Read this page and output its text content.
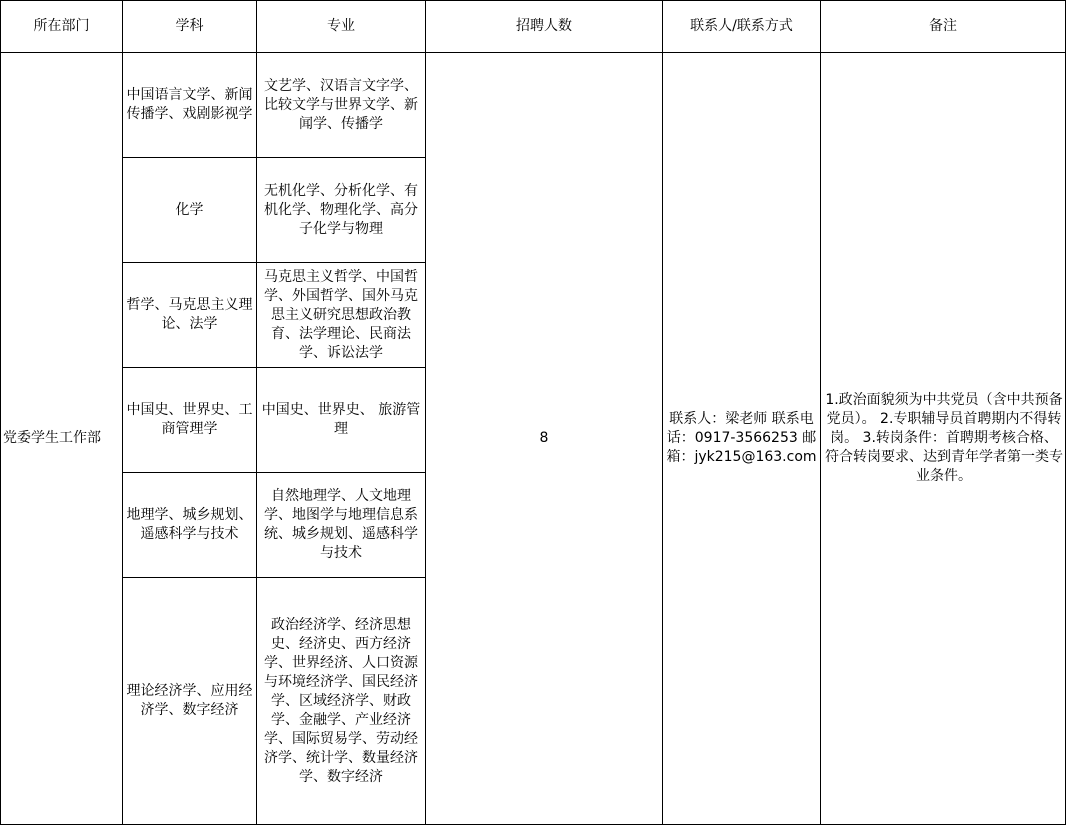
所在部门	学科	专业	招聘人数	联系人/联系方式	备注
党委学生工作部	中国语言文学、新闻传播学、戏剧影视学	文艺学、汉语言文字学、比较文学与世界文学、新闻学、传播学	8	联系人：梁老师 联系电话：0917-3566253 邮箱：jyk215@163.com	1.政治面貌须为中共党员（含中共预备党员）。 2.专职辅导员首聘期内不得转岗。 3.转岗条件：首聘期考核合格、符合转岗要求、达到青年学者第一类专业条件。
	化学	无机化学、分析化学、有机化学、物理化学、高分子化学与物理			
	哲学、马克思主义理论、法学	马克思主义哲学、中国哲学、外国哲学、国外马克思主义研究思想政治教育、法学理论、民商法学、诉讼法学			
	中国史、世界史、工商管理学	中国史、世界史、 旅游管理			
	地理学、城乡规划、遥感科学与技术	自然地理学、人文地理学、地图学与地理信息系统、城乡规划、遥感科学与技术			
	理论经济学、应用经济学、数字经济	政治经济学、经济思想史、经济史、西方经济学、世界经济、人口资源与环境经济学、国民经济学、区域经济学、财政学、金融学、产业经济学、国际贸易学、劳动经济学、统计学、数量经济学、数字经济			
